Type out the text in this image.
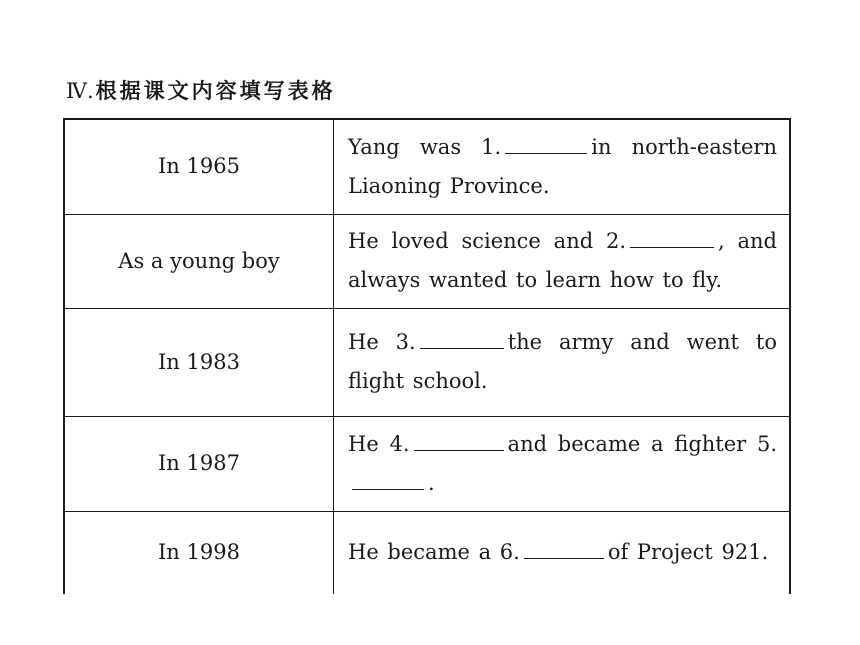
Ⅳ.根据课文内容填写表格
In 1965	Yang was 1. in north-eastern Liaoning Province.
As a young boy	He loved science and 2. , and always wanted to learn how to fly.
In 1983	He 3. the army and went to flight school.
In 1987	He 4. and became a fighter 5..
In 1998	He became a 6. of Project 921.
